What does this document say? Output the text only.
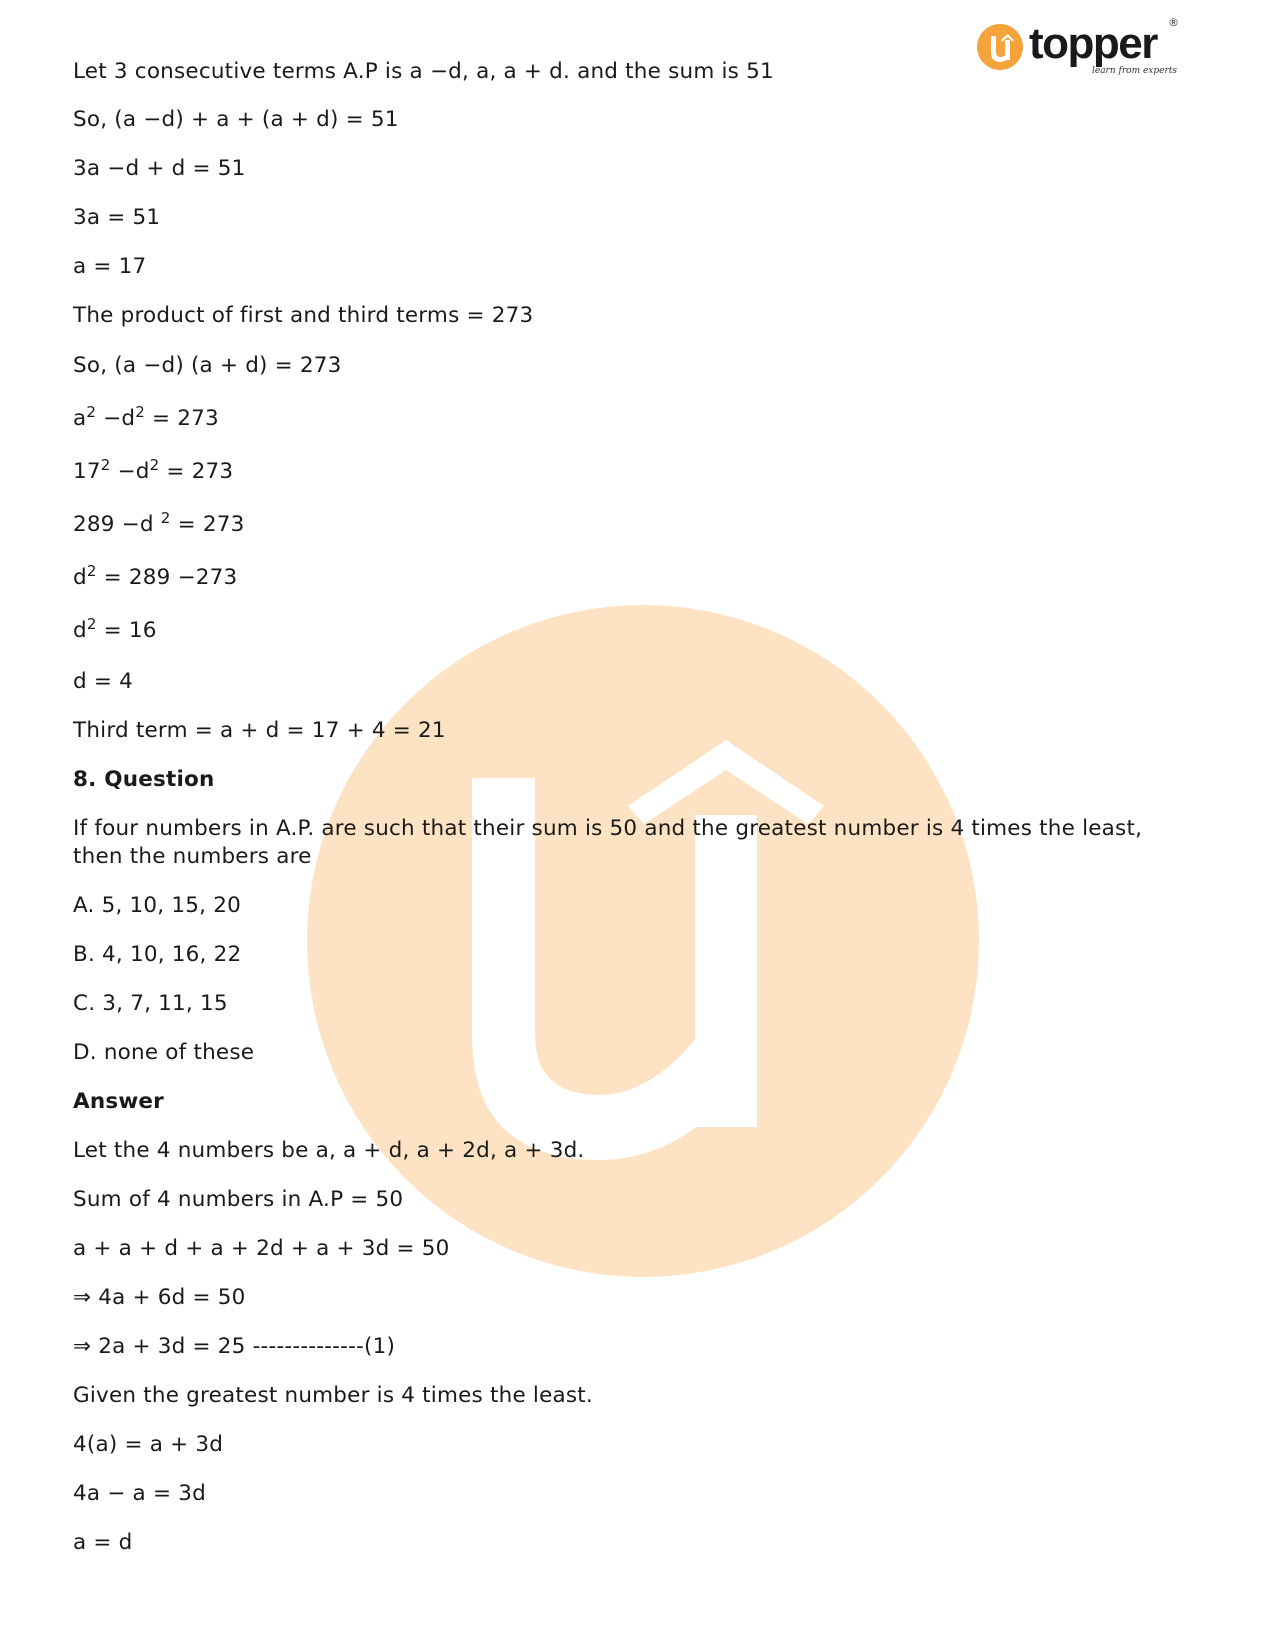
topper
learn from experts
®

Let 3 consecutive terms A.P is a −d, a, a + d. and the sum is 51

So, (a −d) + a + (a + d) = 51

3a −d + d = 51

3a = 51

a = 17

The product of first and third terms = 273

So, (a −d) (a + d) = 273

$a^2 -d^2 = 273$

$17^2 -d^2 = 273$

289 −d $^2$ = 273

$d^2 = 289 -273$

$d^2 = 16$

d = 4

Third term = a + d = 17 + 4 = 21

8. Question

If four numbers in A.P. are such that their sum is 50 and the greatest number is 4 times the least, then the numbers are

A. 5, 10, 15, 20

B. 4, 10, 16, 22

C. 3, 7, 11, 15

D. none of these

Answer

Let the 4 numbers be a, a + d, a + 2d, a + 3d.

Sum of 4 numbers in A.P = 50

a + a + d + a + 2d + a + 3d = 50

⇒ 4a + 6d = 50

⇒ 2a + 3d = 25 --------------(1)

Given the greatest number is 4 times the least.

4(a) = a + 3d

4a − a = 3d

a = d
